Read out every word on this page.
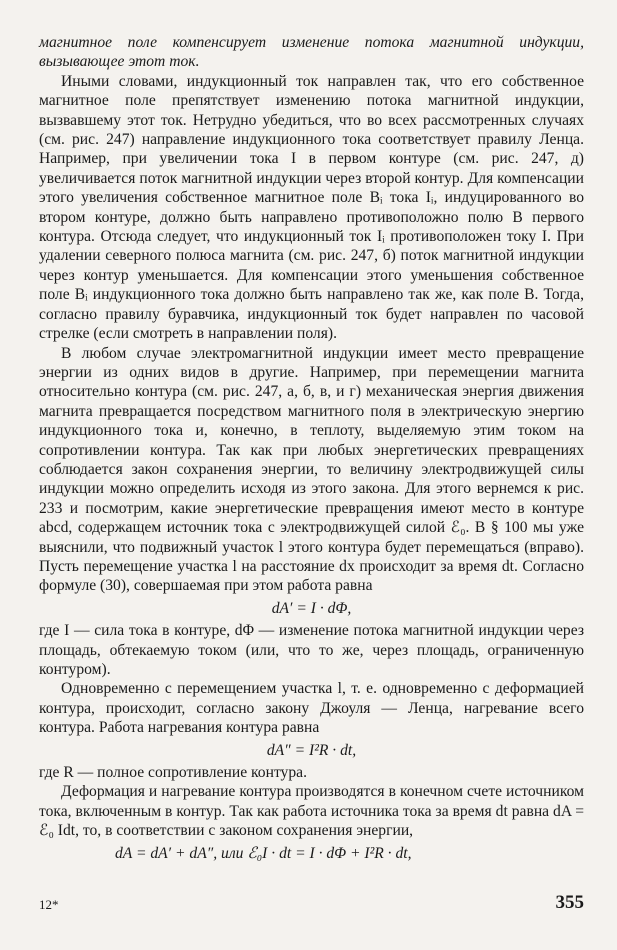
магнитное поле компенсирует изменение потока магнитной индукции, вызывающее этот ток.

Иными словами, индукционный ток направлен так, что его собственное магнитное поле препятствует изменению потока магнитной индукции, вызвавшему этот ток. Нетрудно убедиться, что во всех рассмотренных случаях (см. рис. 247) направление индукционного тока соответствует правилу Ленца. Например, при увеличении тока I в первом контуре (см. рис. 247, д) увеличивается поток магнитной индукции через второй контур. Для компенсации этого увеличения собственное магнитное поле Bᵢ тока Iᵢ, индуцированного во втором контуре, должно быть направлено противоположно полю B первого контура. Отсюда следует, что индукционный ток Iᵢ противоположен току I. При удалении северного полюса магнита (см. рис. 247, б) поток магнитной индукции через контур уменьшается. Для компенсации этого уменьшения собственное поле Bᵢ индукционного тока должно быть направлено так же, как поле B. Тогда, согласно правилу буравчика, индукционный ток будет направлен по часовой стрелке (если смотреть в направлении поля).

В любом случае электромагнитной индукции имеет место превращение энергии из одних видов в другие. Например, при перемещении магнита относительно контура (см. рис. 247, а, б, в, и г) механическая энергия движения магнита превращается посредством магнитного поля в электрическую энергию индукционного тока и, конечно, в теплоту, выделяемую этим током на сопротивлении контура. Так как при любых энергетических превращениях соблюдается закон сохранения энергии, то величину электродвижущей силы индукции можно определить исходя из этого закона. Для этого вернемся к рис. 233 и посмотрим, какие энергетические превращения имеют место в контуре abcd, содержащем источник тока с электродвижущей силой ℰ₀. В § 100 мы уже выяснили, что подвижный участок l этого контура будет перемещаться (вправо). Пусть перемещение участка l на расстояние dx происходит за время dt. Согласно формуле (30), совершаемая при этом работа равна

dA′ = I · dΦ,

где I — сила тока в контуре, dΦ — изменение потока магнитной индукции через площадь, обтекаемую током (или, что то же, через площадь, ограниченную контуром).

Одновременно с перемещением участка l, т. е. одновременно с деформацией контура, происходит, согласно закону Джоуля — Ленца, нагревание всего контура. Работа нагревания контура равна

dA″ = I²R · dt,

где R — полное сопротивление контура.

Деформация и нагревание контура производятся в конечном счете источником тока, включенным в контур. Так как работа источника тока за время dt равна dA = ℰ₀ Idt, то, в соответствии с законом сохранения энергии,

dA = dA′ + dA″, или ℰ₀I · dt = I · dΦ + I²R · dt,
12*	355
